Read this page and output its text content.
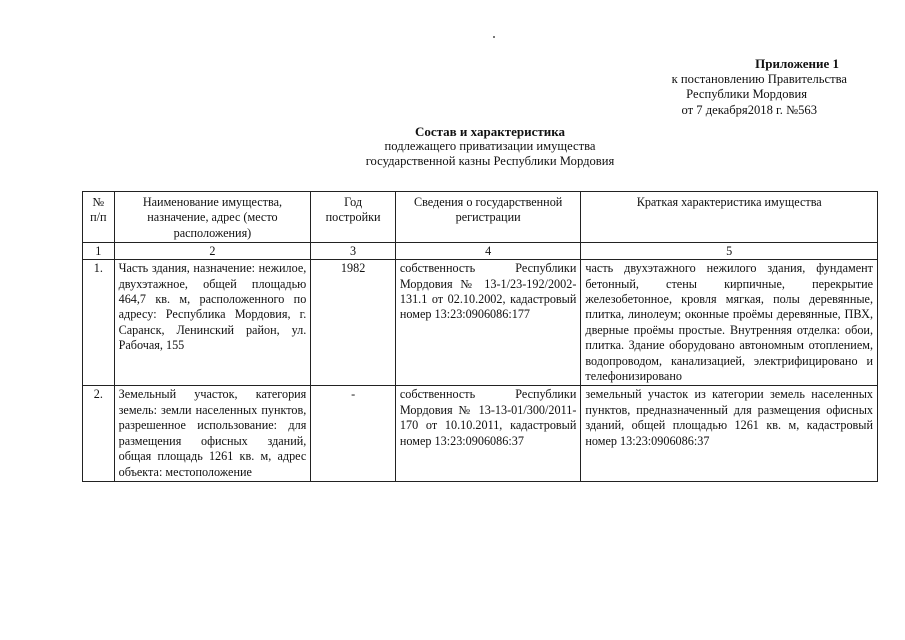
Приложение 1
к постановлению Правительства
Республики Мордовия
от 7 декабря2018 г. №563
Состав и характеристика
подлежащего приватизации имущества
государственной казны Республики Мордовия
№ п/п	Наименование имущества, назначение, адрес (место расположения)	Год постройки	Сведения о государственной регистрации	Краткая характеристика имущества
1	2	3	4	5
1.	Часть здания, назначение: нежилое, двухэтажное, общей площадью 464,7 кв. м, расположенного по адресу: Республика Мордовия, г. Саранск, Ленинский район, ул. Рабочая, 155	1982	собственность Республики Мордовия № 13-1/23-192/2002-131.1 от 02.10.2002, кадастровый номер 13:23:0906086:177	часть двухэтажного нежилого здания, фундамент бетонный, стены кирпичные, перекрытие железобетонное, кровля мягкая, полы деревянные, плитка, линолеум; оконные проёмы деревянные, ПВХ, дверные проёмы простые. Внутренняя отделка: обои, плитка. Здание оборудовано автономным отоплением, водопроводом, канализацией, электрифицировано и телефонизировано
2.	Земельный участок, категория земель: земли населенных пунктов, разрешенное использование: для размещения офисных зданий, общая площадь 1261 кв. м, адрес объекта: местоположение	-	собственность Республики Мордовия № 13-13-01/300/2011-170 от 10.10.2011, кадастровый номер 13:23:0906086:37	земельный участок из категории земель населенных пунктов, предназначенный для размещения офисных зданий, общей площадью 1261 кв. м, кадастровый номер 13:23:0906086:37
